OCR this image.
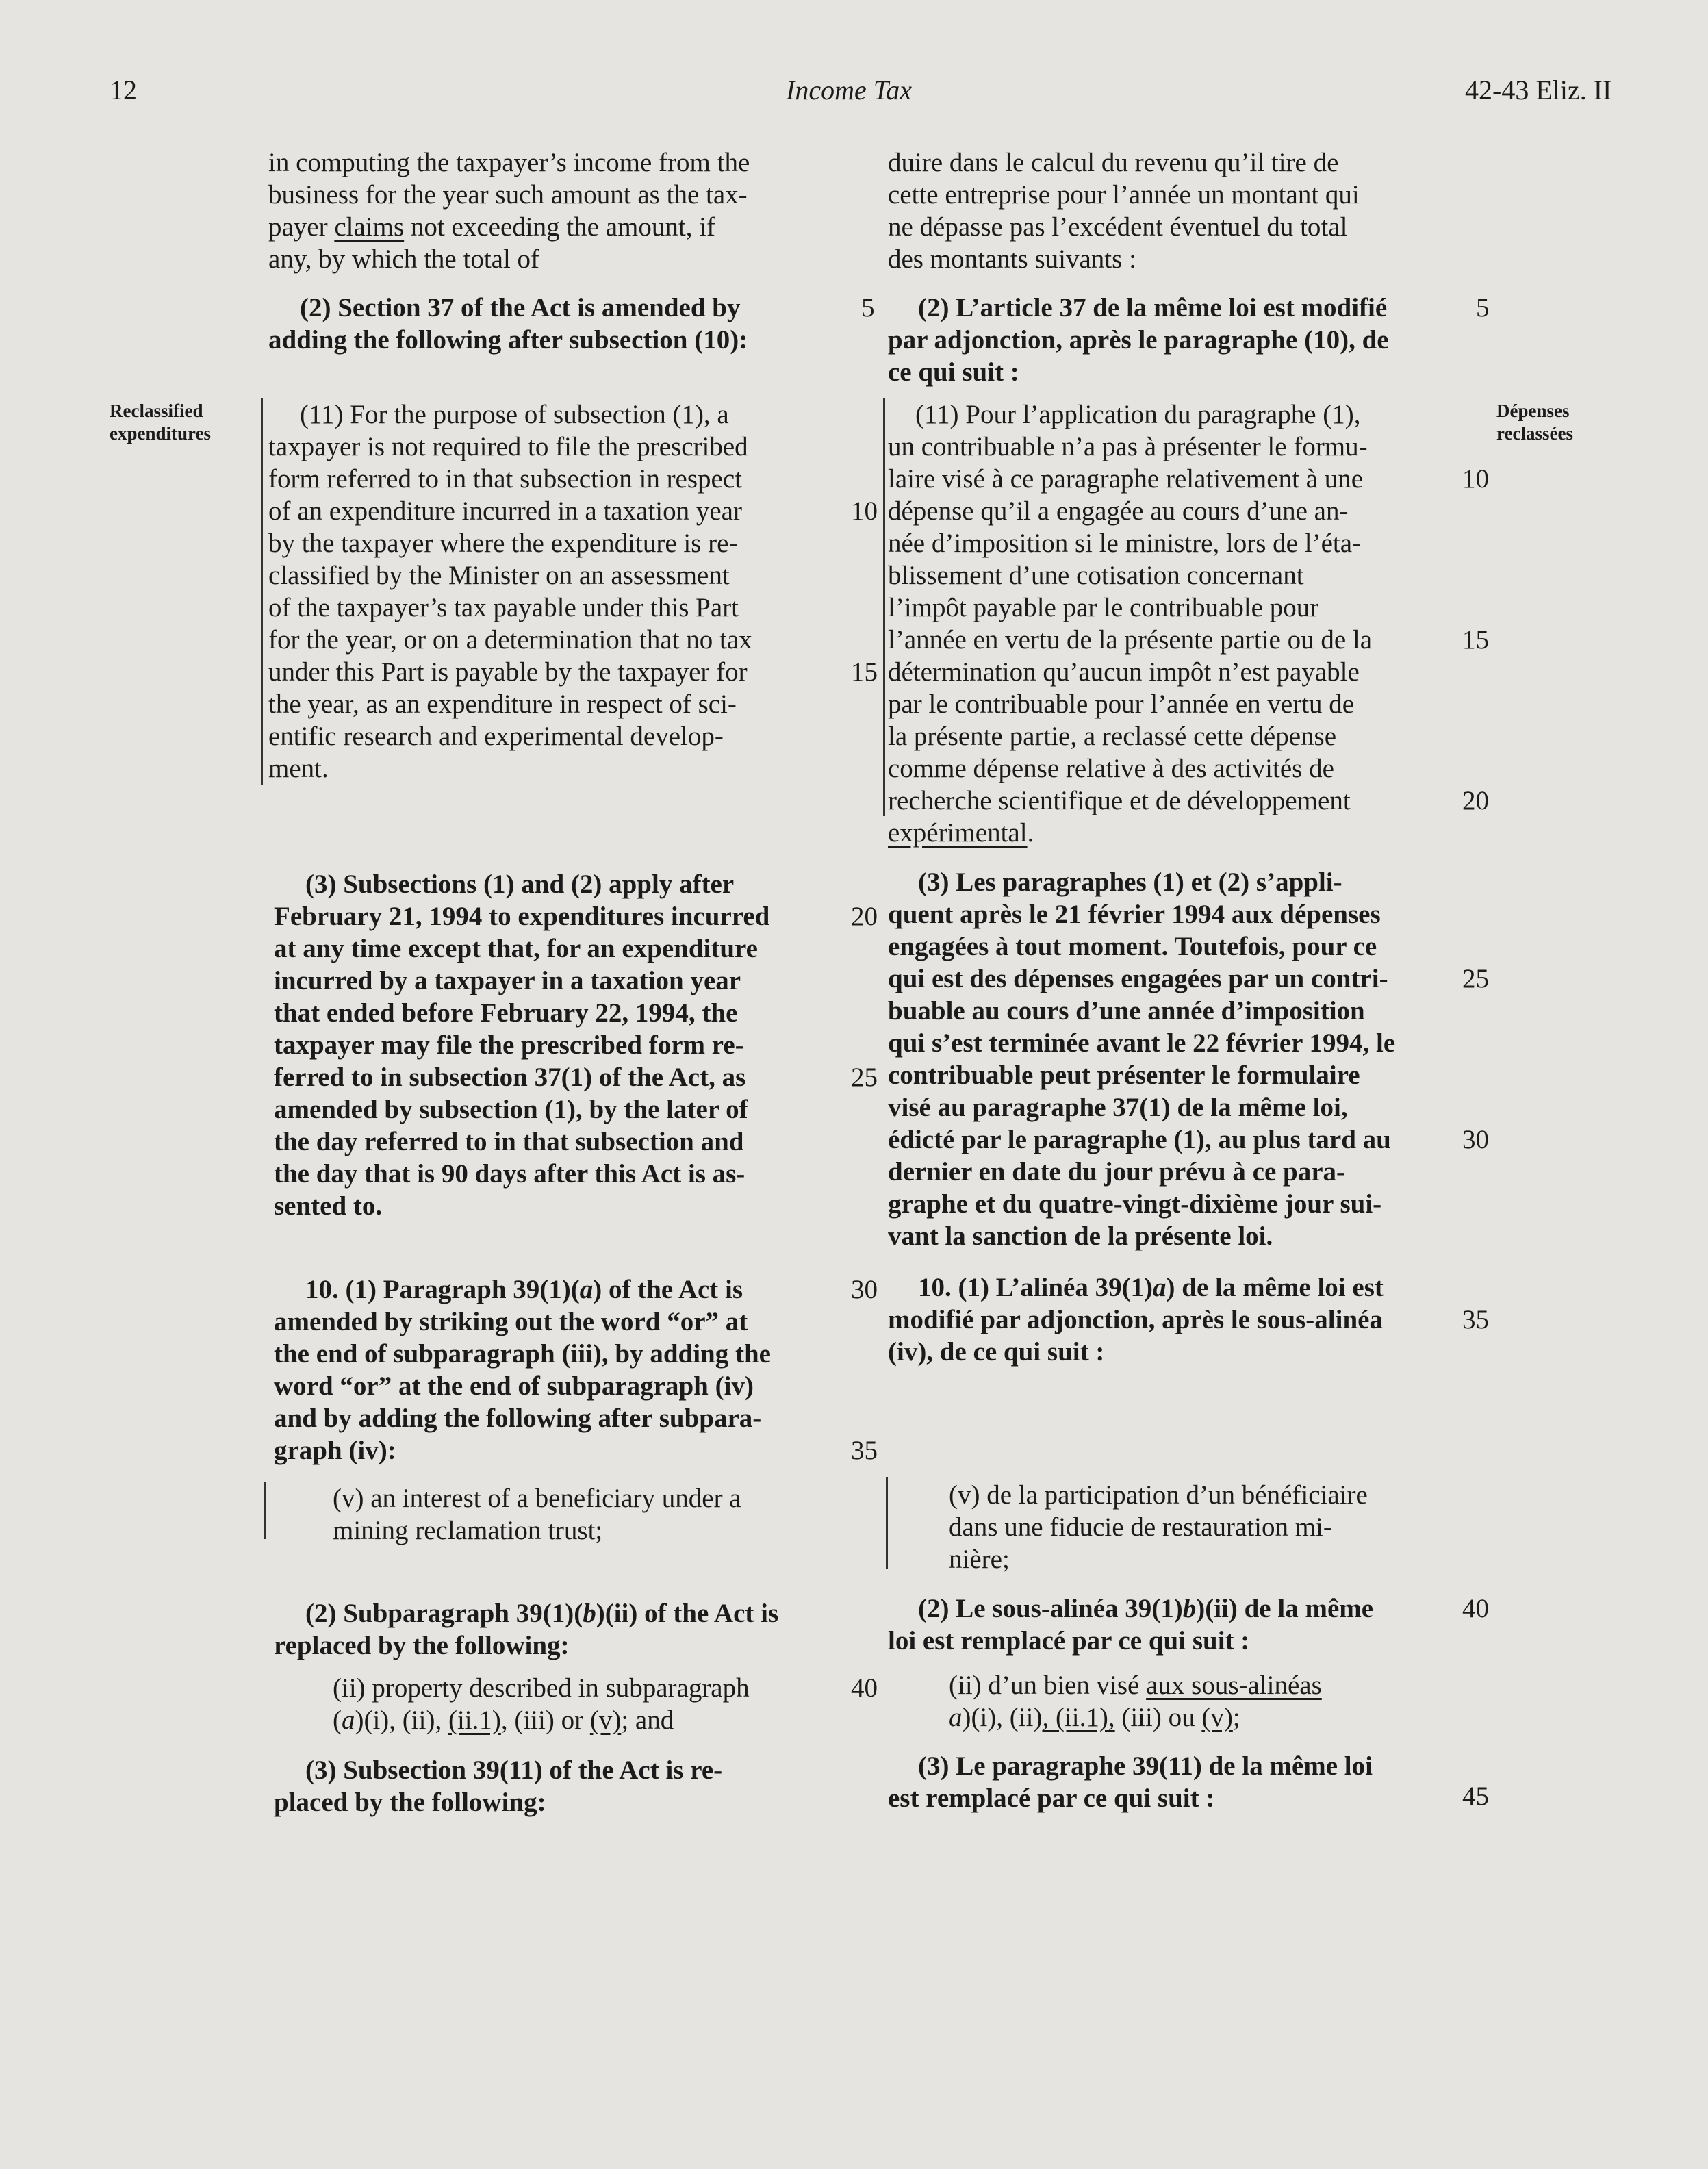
12	Income Tax	42-43 Eliz. II
Reclassified
expenditures
Dépenses
reclassées

in computing the taxpayer’s income from the

business for the year such amount as the tax-

payer claims not exceeding the amount, if

any, by which the total of

(2) Section 37 of the Act is amended by

adding the following after subsection (10):

(11) For the purpose of subsection (1), a

taxpayer is not required to file the prescribed

form referred to in that subsection in respect

of an expenditure incurred in a taxation year

by the taxpayer where the expenditure is re-

classified by the Minister on an assessment

of the taxpayer’s tax payable under this Part

for the year, or on a determination that no tax

under this Part is payable by the taxpayer for

the year, as an expenditure in respect of sci-

entific research and experimental develop-

ment.

(3) Subsections (1) and (2) apply after

February 21, 1994 to expenditures incurred

at any time except that, for an expenditure

incurred by a taxpayer in a taxation year

that ended before February 22, 1994, the

taxpayer may file the prescribed form re-

ferred to in subsection 37(1) of the Act, as

amended by subsection (1), by the later of

the day referred to in that subsection and

the day that is 90 days after this Act is as-

sented to.

10. (1) Paragraph 39(1)(a) of the Act is

amended by striking out the word “or” at

the end of subparagraph (iii), by adding the

word “or” at the end of subparagraph (iv)

and by adding the following after subpara-

graph (iv):

(v) an interest of a beneficiary under a

mining reclamation trust;

(2) Subparagraph 39(1)(b)(ii) of the Act is

replaced by the following:

(ii) property described in subparagraph

(a)(i), (ii), (ii.1), (iii) or (v); and

(3) Subsection 39(11) of the Act is re-

placed by the following:

duire dans le calcul du revenu qu’il tire de

cette entreprise pour l’année un montant qui

ne dépasse pas l’excédent éventuel du total

des montants suivants :

(2) L’article 37 de la même loi est modifié

par adjonction, après le paragraphe (10), de

ce qui suit :

(11) Pour l’application du paragraphe (1),

un contribuable n’a pas à présenter le formu-

laire visé à ce paragraphe relativement à une

dépense qu’il a engagée au cours d’une an-

née d’imposition si le ministre, lors de l’éta-

blissement d’une cotisation concernant

l’impôt payable par le contribuable pour

l’année en vertu de la présente partie ou de la

détermination qu’aucun impôt n’est payable

par le contribuable pour l’année en vertu de

la présente partie, a reclassé cette dépense

comme dépense relative à des activités de

recherche scientifique et de développement

expérimental.

(3) Les paragraphes (1) et (2) s’appli-

quent après le 21 février 1994 aux dépenses

engagées à tout moment. Toutefois, pour ce

qui est des dépenses engagées par un contri-

buable au cours d’une année d’imposition

qui s’est terminée avant le 22 février 1994, le

contribuable peut présenter le formulaire

visé au paragraphe 37(1) de la même loi,

édicté par le paragraphe (1), au plus tard au

dernier en date du jour prévu à ce para-

graphe et du quatre-vingt-dixième jour sui-

vant la sanction de la présente loi.

10. (1) L’alinéa 39(1)a) de la même loi est

modifié par adjonction, après le sous-alinéa

(iv), de ce qui suit :

(v) de la participation d’un bénéficiaire

dans une fiducie de restauration mi-

nière;

(2) Le sous-alinéa 39(1)b)(ii) de la même

loi est remplacé par ce qui suit :

(ii) d’un bien visé aux sous-alinéas

a)(i), (ii), (ii.1), (iii) ou (v);

(3) Le paragraphe 39(11) de la même loi

est remplacé par ce qui suit :

5
10
15
20
25
30
35
40
5
10
15
20
25
30
35
40
45
